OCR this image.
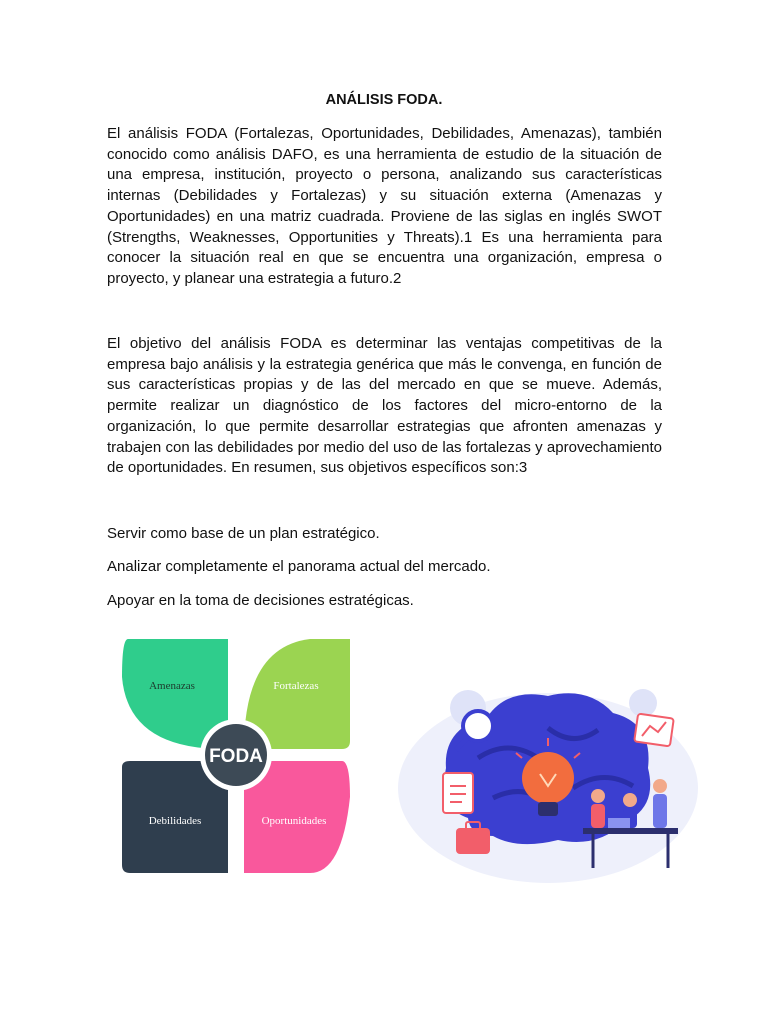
ANÁLISIS FODA.

El análisis FODA (Fortalezas, Oportunidades, Debilidades, Amenazas), también conocido como análisis DAFO, es una herramienta de estudio de la situación de una empresa, institución, proyecto o persona, analizando sus características internas (Debilidades y Fortalezas) y su situación externa (Amenazas y Oportunidades) en una matriz cuadrada. Proviene de las siglas en inglés SWOT (Strengths, Weaknesses, Opportunities y Threats).1 Es una herramienta para conocer la situación real en que se encuentra una organización, empresa o proyecto, y planear una estrategia a futuro.2

El objetivo del análisis FODA es determinar las ventajas competitivas de la empresa bajo análisis y la estrategia genérica que más le convenga, en función de sus características propias y de las del mercado en que se mueve. Además, permite realizar un diagnóstico de los factores del micro-entorno de la organización, lo que permite desarrollar estrategias que afronten amenazas y trabajen con las debilidades por medio del uso de las fortalezas y aprovechamiento de oportunidades. En resumen, sus objetivos específicos son:3

Servir como base de un plan estratégico.

Analizar completamente el panorama actual del mercado.

Apoyar en la toma de decisiones estratégicas.

FODA
Amenazas	Fortalezas
Debilidades	Oportunidades
